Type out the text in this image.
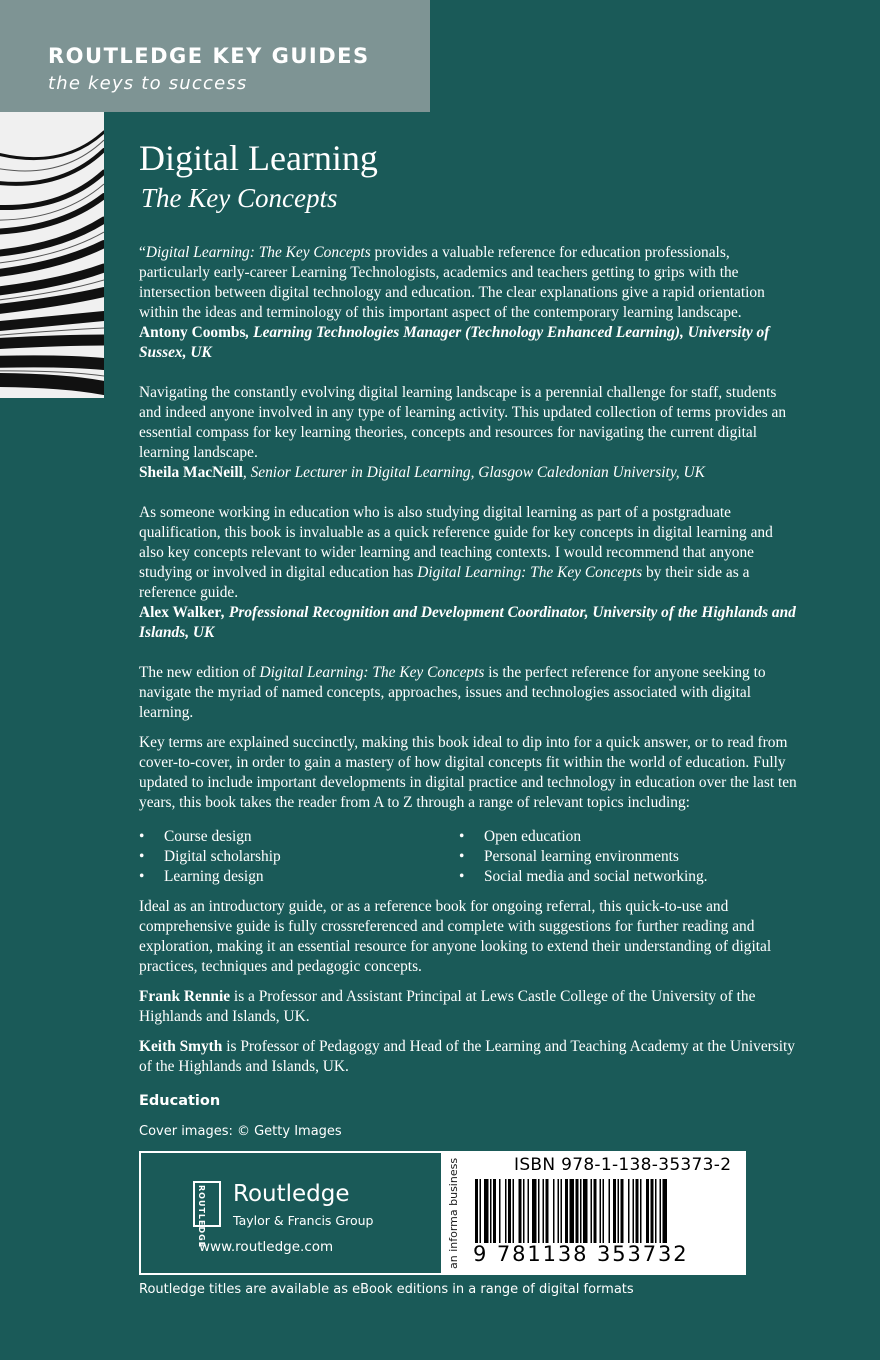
ROUTLEDGE KEY GUIDES
the keys to success
Digital Learning
The Key Concepts

“Digital Learning: The Key Concepts provides a valuable reference for education professionals, particularly early-career Learning Technologists, academics and teachers getting to grips with the intersection between digital technology and education. The clear explanations give a rapid orientation within the ideas and terminology of this important aspect of the contemporary learning landscape.

Antony Coombs, Learning Technologies Manager (Technology Enhanced Learning), University of Sussex, UK

Navigating the constantly evolving digital learning landscape is a perennial challenge for staff, students and indeed anyone involved in any type of learning activity. This updated collection of terms provides an essential compass for key learning theories, concepts and resources for navigating the current digital learning landscape.

Sheila MacNeill, Senior Lecturer in Digital Learning, Glasgow Caledonian University, UK

As someone working in education who is also studying digital learning as part of a postgraduate qualification, this book is invaluable as a quick reference guide for key concepts in digital learning and also key concepts relevant to wider learning and teaching contexts. I would recommend that anyone studying or involved in digital education has Digital Learning: The Key Concepts by their side as a reference guide.

Alex Walker, Professional Recognition and Development Coordinator, University of the Highlands and Islands, UK

The new edition of Digital Learning: The Key Concepts is the perfect reference for anyone seeking to navigate the myriad of named concepts, approaches, issues and technologies associated with digital learning.

Key terms are explained succinctly, making this book ideal to dip into for a quick answer, or to read from cover-to-cover, in order to gain a mastery of how digital concepts fit within the world of education. Fully updated to include important developments in digital practice and technology in education over the last ten years, this book takes the reader from A to Z through a range of relevant topics including:

• Course design
• Digital scholarship
• Learning design
• Open education
• Personal learning environments
• Social media and social networking.

Ideal as an introductory guide, or as a reference book for ongoing referral, this quick-to-use and comprehensive guide is fully crossreferenced and complete with suggestions for further reading and exploration, making it an essential resource for anyone looking to extend their understanding of digital practices, techniques and pedagogic concepts.

Frank Rennie is a Professor and Assistant Principal at Lews Castle College of the University of the Highlands and Islands, UK.

Keith Smyth is Professor of Pedagogy and Head of the Learning and Teaching Academy at the University of the Highlands and Islands, UK.

Education
Cover images: © Getty Images
ROUTLEDGE Routledge
Taylor & Francis Group
www.routledge.com	an informa business	ISBN 978-1-138-35373-2
9 781138 353732
Routledge titles are available as eBook editions in a range of digital formats
